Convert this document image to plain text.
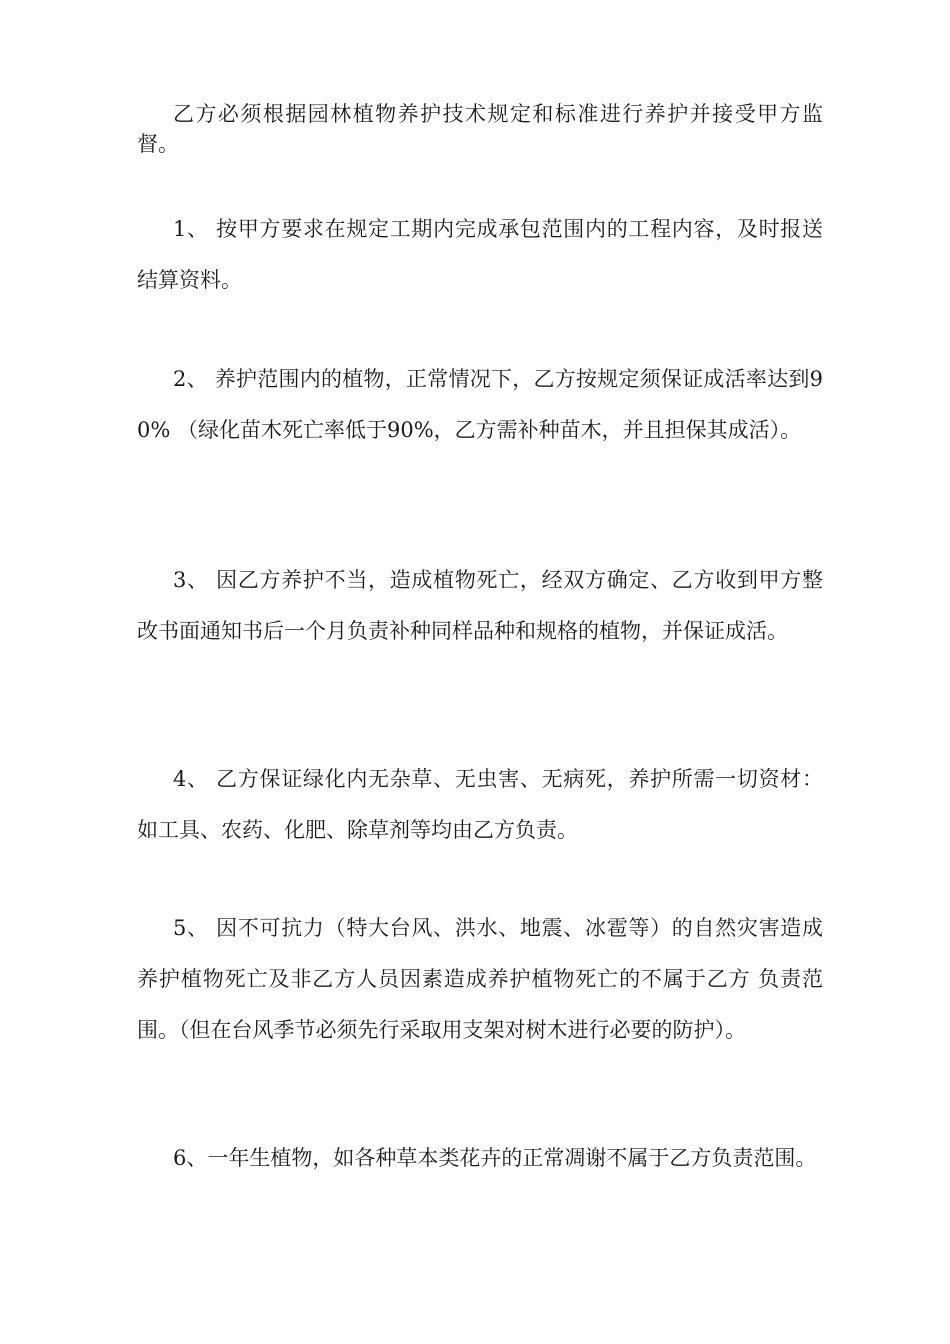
乙方必须根据园林植物养护技术规定和标准进行养护并接受甲方监督。

1、 按甲方要求在规定工期内完成承包范围内的工程内容，及时报送结算资料。

2、 养护范围内的植物，正常情况下，乙方按规定须保证成活率达到90% （绿化苗木死亡率低于90%，乙方需补种苗木，并且担保其成活）。

3、 因乙方养护不当，造成植物死亡，经双方确定、乙方收到甲方整改书面通知书后一个月负责补种同样品种和规格的植物，并保证成活。

4、 乙方保证绿化内无杂草、无虫害、无病死，养护所需一切资材： 如工具、农药、化肥、除草剂等均由乙方负责。

5、 因不可抗力（特大台风、洪水、地震、冰雹等）的自然灾害造成养护植物死亡及非乙方人员因素造成养护植物死亡的不属于乙方 负责范围。（但在台风季节必须先行采取用支架对树木进行必要的防护）。

6、一年生植物，如各种草本类花卉的正常凋谢不属于乙方负责范围。
